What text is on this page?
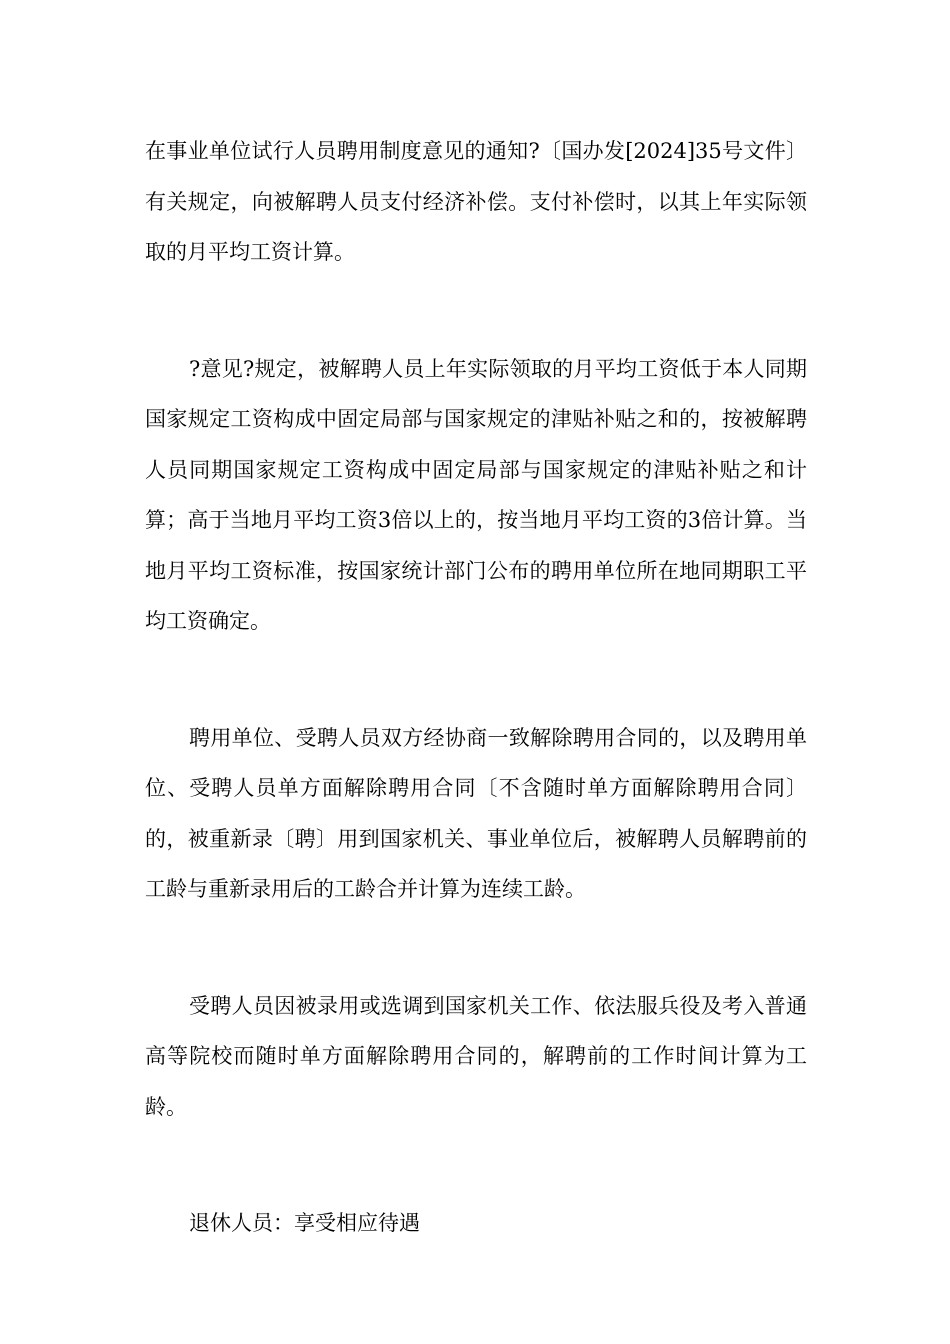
在事业单位试行人员聘用制度意见的通知?〔国办发[2024]35号文件〕有关规定，向被解聘人员支付经济补偿。支付补偿时，以其上年实际领取的月平均工资计算。

?意见?规定，被解聘人员上年实际领取的月平均工资低于本人同期国家规定工资构成中固定局部与国家规定的津贴补贴之和的，按被解聘人员同期国家规定工资构成中固定局部与国家规定的津贴补贴之和计算；高于当地月平均工资3倍以上的，按当地月平均工资的3倍计算。当地月平均工资标准，按国家统计部门公布的聘用单位所在地同期职工平均工资确定。

聘用单位、受聘人员双方经协商一致解除聘用合同的，以及聘用单位、受聘人员单方面解除聘用合同〔不含随时单方面解除聘用合同〕的，被重新录〔聘〕用到国家机关、事业单位后，被解聘人员解聘前的工龄与重新录用后的工龄合并计算为连续工龄。

受聘人员因被录用或选调到国家机关工作、依法服兵役及考入普通高等院校而随时单方面解除聘用合同的，解聘前的工作时间计算为工龄。

退休人员：享受相应待遇
